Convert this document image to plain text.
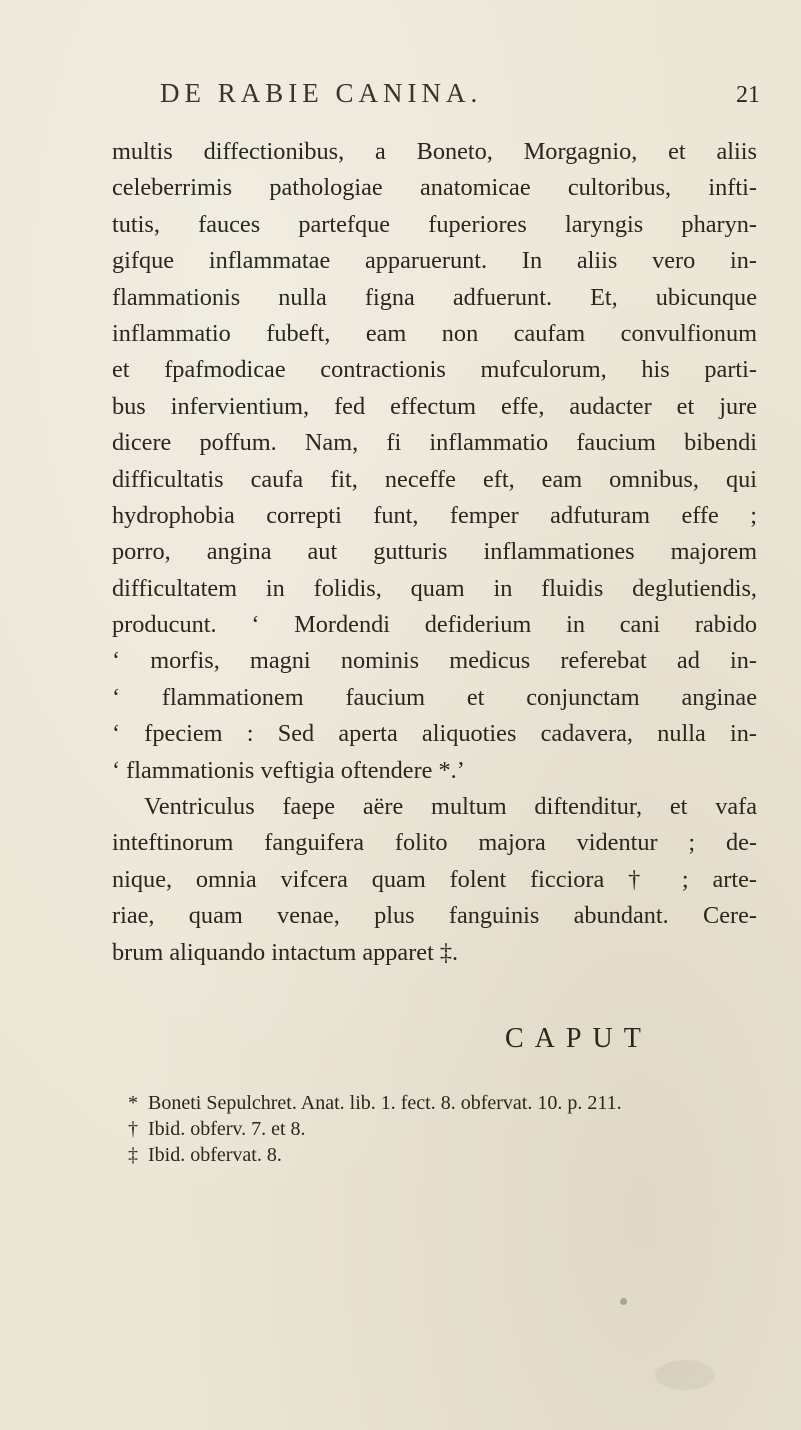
DE RABIE CANINA.	21
multis diffectionibus, a Boneto, Morgagnio, et aliis
celeberrimis pathologiae anatomicae cultoribus, infti-
tutis, fauces partefque fuperiores laryngis pharyn-
gifque inflammatae apparuerunt. In aliis vero in-
flammationis nulla figna adfuerunt. Et, ubicunque
inflammatio fubeft, eam non caufam convulfionum
et fpafmodicae contractionis mufculorum, his parti-
bus infervientium, fed effectum effe, audacter et jure
dicere poffum. Nam, fi inflammatio faucium bibendi
difficultatis caufa fit, neceffe eft, eam omnibus, qui
hydrophobia correpti funt, femper adfuturam effe ;
porro, angina aut gutturis inflammationes majorem
difficultatem in folidis, quam in fluidis deglutiendis,
producunt. ‘ Mordendi defiderium in cani rabido
‘ morfis, magni nominis medicus referebat ad in-
‘ flammationem faucium et conjunctam anginae
‘ fpeciem : Sed aperta aliquoties cadavera, nulla in-
‘ flammationis veftigia oftendere *.’
Ventriculus faepe aëre multum diftenditur, et vafa
inteftinorum fanguifera folito majora videntur ; de-
nique, omnia vifcera quam folent ficciora † ; arte-
riae, quam venae, plus fanguinis abundant. Cere-
brum aliquando intactum apparet ‡.
CAPUT
* Boneti Sepulchret. Anat. lib. 1. fect. 8. obfervat. 10. p. 211.
† Ibid. obferv. 7. et 8.
‡ Ibid. obfervat. 8.
